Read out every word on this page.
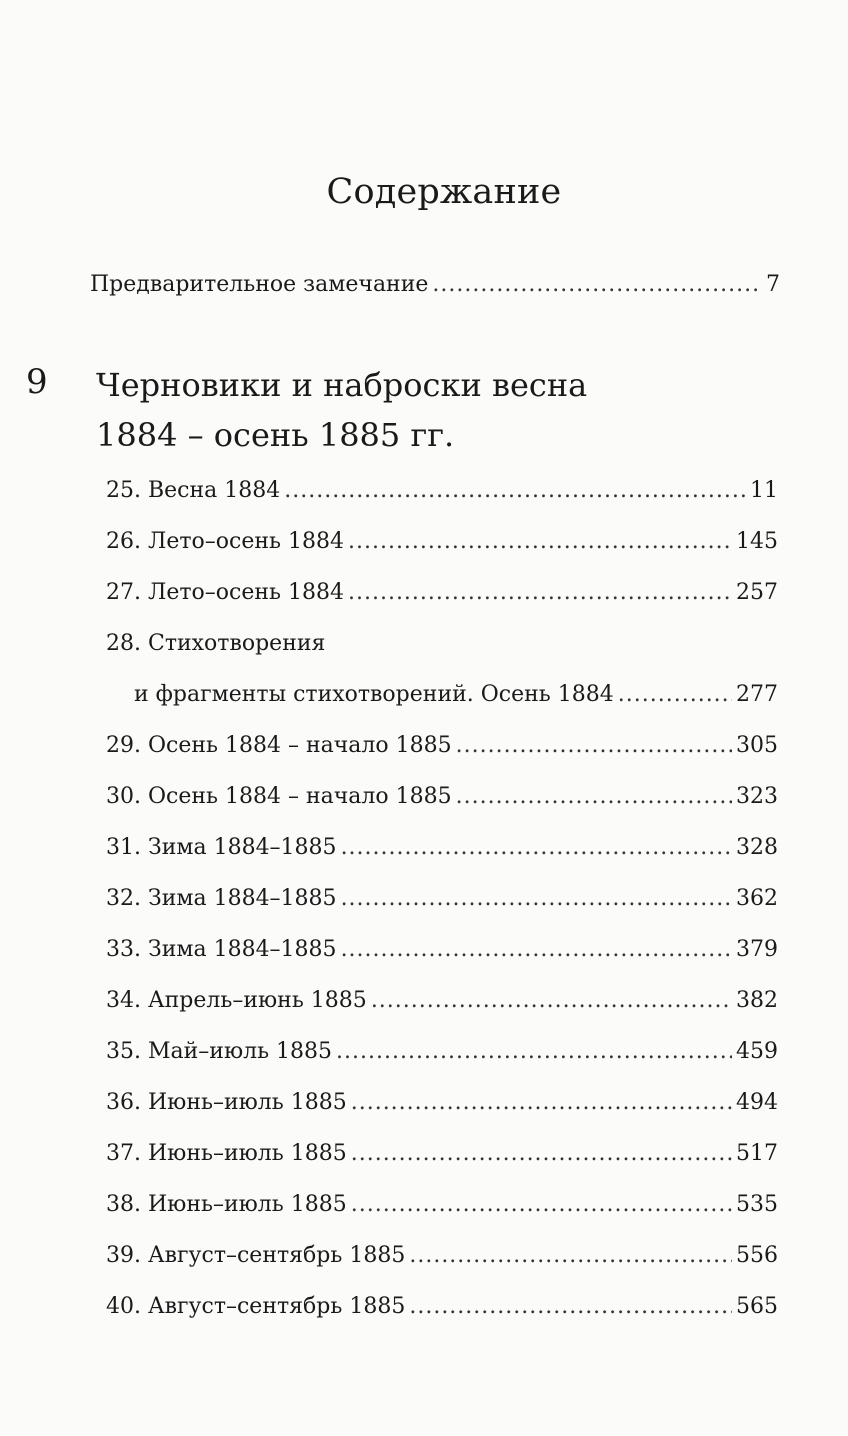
Содержание
Предварительное замечание .....	7
9 Черновики и наброски весна
1884 – осень 1885 гг.
25. Весна 1884 .....	11
26. Лето–осень 1884 .....	145
27. Лето–осень 1884 .....	257
28. Стихотворения
и фрагменты стихотворений. Осень 1884 .....	277
29. Осень 1884 – начало 1885 .....	305
30. Осень 1884 – начало 1885 .....	323
31. Зима 1884–1885 .....	328
32. Зима 1884–1885 .....	362
33. Зима 1884–1885 .....	379
34. Апрель–июнь 1885 .....	382
35. Май–июль 1885 .....	459
36. Июнь–июль 1885 .....	494
37. Июнь–июль 1885 .....	517
38. Июнь–июль 1885 .....	535
39. Август–сентябрь 1885 .....	556
40. Август–сентябрь 1885 .....	565
